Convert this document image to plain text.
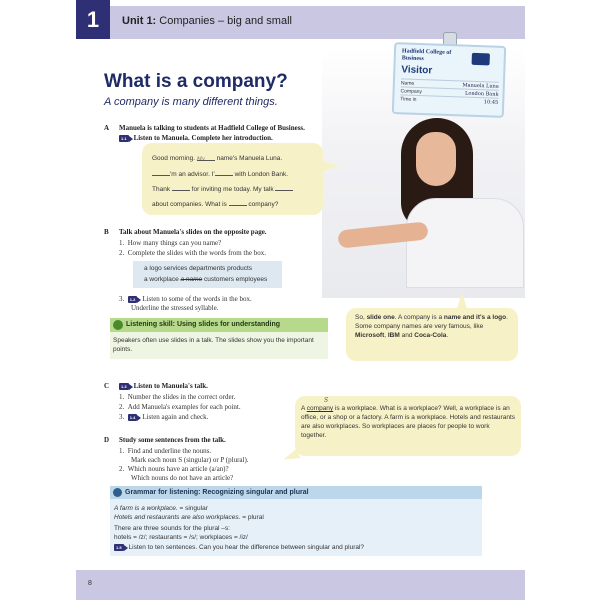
1	Unit 1: Companies – big and small
Hadfield College of Business
Visitor
Name	Manuela Luna
Company	London Bank
Time in	10:45
What is a company?
A company is many different things.
A Manuela is talking to students at Hadfield College of Business.
1.1 Listen to Manuela. Complete her introduction.
Good morning. My name's Manuela Luna.
'm an advisor. I'	with London Bank.
Thank	for inviting me today. My talk
about companies. What is	company?
B Talk about Manuela's slides on the opposite page.
1. How many things can you name?
2. Complete the slides with the words from the box.
a logo services departments products
a workplace a name customers employees
3. 1.2 Listen to some of the words in the box.
Underline the stressed syllable.
Listening skill: Using slides for understanding
Speakers often use slides in a talk. The slides show you the important points.
So, slide one. A company is a name and it's a logo. Some company names are very famous, like Microsoft, IBM and Coca-Cola.
C	1.3 Listen to Manuela's talk.
1. Number the slides in the correct order.
2. Add Manuela's examples for each point.
3. 1.4 Listen again and check.
S
A company is a workplace. What is a workplace? Well, a workplace is an office, or a shop or a factory. A farm is a workplace. Hotels and restaurants are also workplaces. So workplaces are places for people to work together.
D Study some sentences from the talk.
1. Find and underline the nouns.
Mark each noun S (singular) or P (plural).
2. Which nouns have an article (a/an)?
Which nouns do not have an article?
Grammar for listening: Recognizing singular and plural
A farm is a workplace. = singular
Hotels and restaurants are also workplaces. = plural
There are three sounds for the plural –s:
hotels = /z/; restaurants = /s/; workplaces = /iz/
1.5 Listen to ten sentences. Can you hear the difference between singular and plural?
8
